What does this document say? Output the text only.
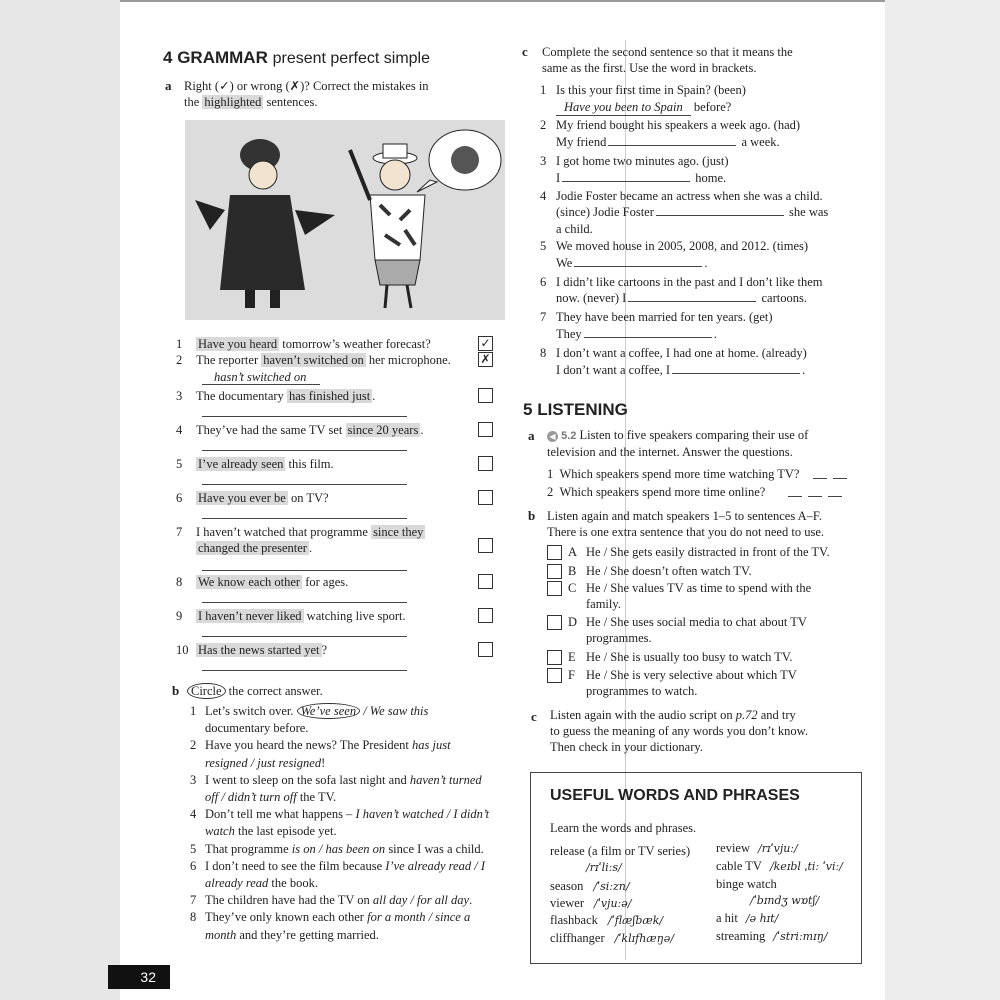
4 GRAMMAR present perfect simple
a Right (✓) or wrong (✗)? Correct the mistakes in
the highlighted sentences.
1 Have you heard tomorrow’s weather forecast?	✓
2 The reporter haven’t switched on her microphone.	✗
hasn’t switched on
3 The documentary has finished just .
4 They’ve had the same TV set since 20 years .
5 I’ve already seen this film.
6 Have you ever be on TV?
7 I haven’t watched that programme since they
changed the presenter .
8 We know each other for ages.
9 I haven’t never liked watching live sport.
10 Has the news started yet ?
b Circle the correct answer.
1 Let’s switch over. We’ve seen / We saw this
documentary before.
2 Have you heard the news? The President has just
resigned / just resigned!
3 I went to sleep on the sofa last night and haven’t turned
off / didn’t turn off the TV.
4 Don’t tell me what happens – I haven’t watched / I didn’t
watch the last episode yet.
5 That programme is on / has been on since I was a child.
6 I don’t need to see the film because I’ve already read / I
already read the book.
7 The children have had the TV on all day / for all day.
8 They’ve only known each other for a month / since a
month and they’re getting married.
c Complete the second sentence so that it means the
same as the first. Use the word in brackets.
1 Is this your first time in Spain? (been)
Have you been to Spain before?
2 My friend bought his speakers a week ago. (had)
My friend	a week.
3 I got home two minutes ago. (just)
I	home.
4 Jodie Foster became an actress when she was a child.
(since) Jodie Foster	she was
a child.
5 We moved house in 2005, 2008, and 2012. (times)
We	.
6 I didn’t like cartoons in the past and I don’t like them
now. (never) I	cartoons.
7 They have been married for ten years. (get)
They	.
8 I don’t want a coffee, I had one at home. (already)
I don’t want a coffee, I	.
5 LISTENING
a	◀ 5.2 Listen to five speakers comparing their use of
television and the internet. Answer the questions.
1  Which speakers spend more time watching TV?
2  Which speakers spend more time online?
b Listen again and match speakers 1–5 to sentences A–F.
There is one extra sentence that you do not need to use.
A He / She gets easily distracted in front of the TV.
B He / She doesn’t often watch TV.
C He / She values TV as time to spend with the
family.
D He / She uses social media to chat about TV
programmes.
E He / She is usually too busy to watch TV.
F He / She is very selective about which TV
programmes to watch.
c Listen again with the audio script on p.72 and try
to guess the meaning of any words you don’t know.
Then check in your dictionary.
USEFUL WORDS AND PHRASES
Learn the words and phrases.
release (a film or TV series)
/rɪˈliːs/
season /ˈsiːzn/
viewer /ˈvjuːə/
flashback /ˈflæʃbæk/
cliffhanger /ˈklɪfhæŋə/
review /rɪˈvjuː/
cable TV /keɪbl ˌtiː ˈviː/
binge watch
/ˈbɪndʒ wɒtʃ/
a hit /ə hɪt/
streaming /ˈstriːmɪŋ/
32
